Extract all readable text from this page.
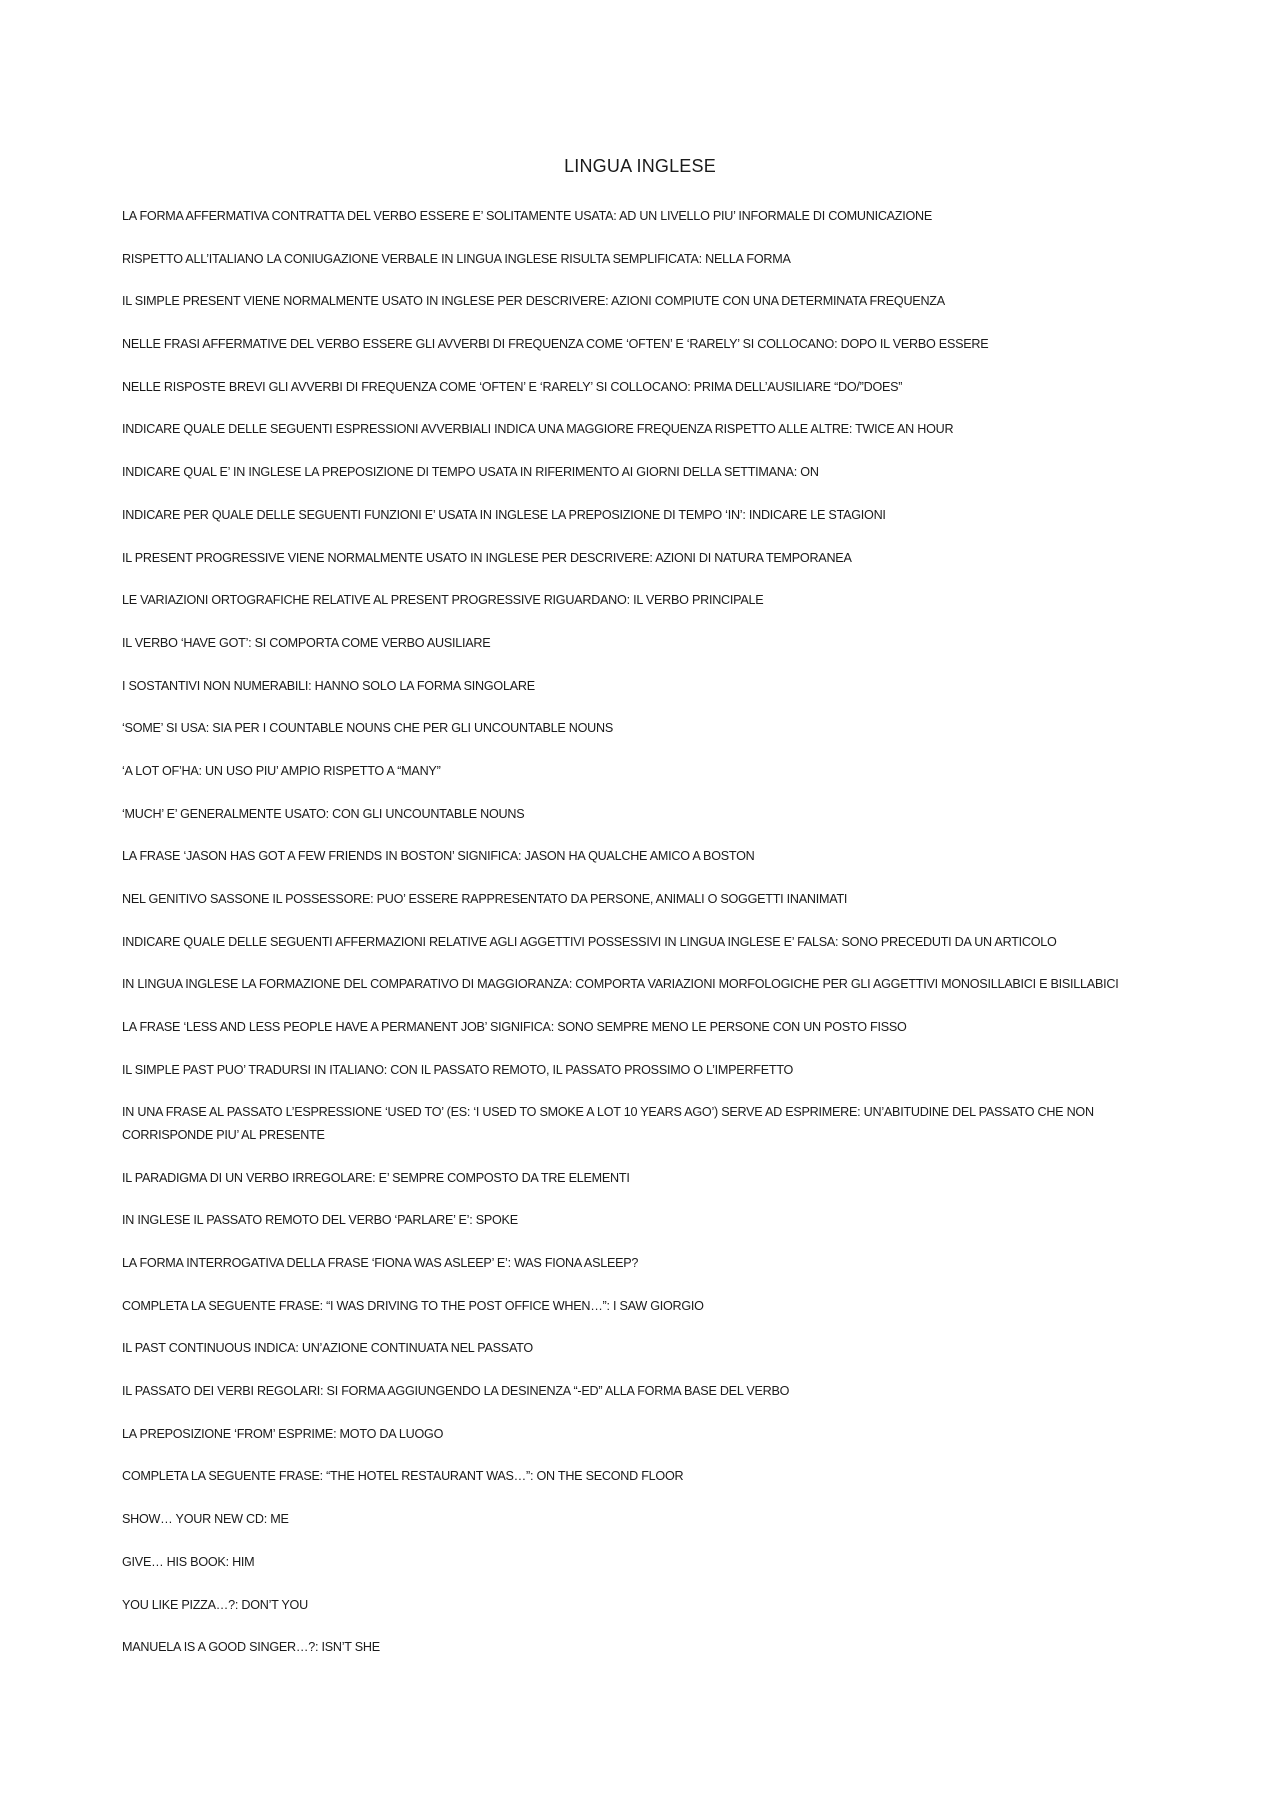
LINGUA INGLESE
LA FORMA AFFERMATIVA CONTRATTA DEL VERBO ESSERE E’ SOLITAMENTE USATA: AD UN LIVELLO PIU’ INFORMALE DI COMUNICAZIONE
RISPETTO ALL’ITALIANO LA CONIUGAZIONE VERBALE IN LINGUA INGLESE RISULTA SEMPLIFICATA: NELLA FORMA
IL SIMPLE PRESENT VIENE NORMALMENTE USATO IN INGLESE PER DESCRIVERE: AZIONI COMPIUTE CON UNA DETERMINATA FREQUENZA
NELLE FRASI AFFERMATIVE DEL VERBO ESSERE GLI AVVERBI DI FREQUENZA COME ‘OFTEN’ E ‘RARELY’ SI COLLOCANO: DOPO IL VERBO ESSERE
NELLE RISPOSTE BREVI GLI AVVERBI DI FREQUENZA COME ‘OFTEN’ E ‘RARELY’ SI COLLOCANO: PRIMA DELL’AUSILIARE “DO/”DOES”
INDICARE QUALE DELLE SEGUENTI ESPRESSIONI AVVERBIALI INDICA UNA MAGGIORE FREQUENZA RISPETTO ALLE ALTRE: TWICE AN HOUR
INDICARE QUAL E’ IN INGLESE LA PREPOSIZIONE DI TEMPO USATA IN RIFERIMENTO AI GIORNI DELLA SETTIMANA: ON
INDICARE PER QUALE DELLE SEGUENTI FUNZIONI E’ USATA IN INGLESE LA PREPOSIZIONE DI TEMPO ‘IN’: INDICARE LE STAGIONI
IL PRESENT PROGRESSIVE VIENE NORMALMENTE USATO IN INGLESE PER DESCRIVERE: AZIONI DI NATURA TEMPORANEA
LE VARIAZIONI ORTOGRAFICHE RELATIVE AL PRESENT PROGRESSIVE RIGUARDANO: IL VERBO PRINCIPALE
IL VERBO ‘HAVE GOT’: SI COMPORTA COME VERBO AUSILIARE
I SOSTANTIVI NON NUMERABILI: HANNO SOLO LA FORMA SINGOLARE
‘SOME’ SI USA: SIA PER I COUNTABLE NOUNS CHE PER GLI UNCOUNTABLE NOUNS
‘A LOT OF’HA: UN USO PIU’ AMPIO RISPETTO A “MANY”
‘MUCH’ E’ GENERALMENTE USATO: CON GLI UNCOUNTABLE NOUNS
LA FRASE ‘JASON HAS GOT A FEW FRIENDS IN BOSTON’ SIGNIFICA: JASON HA QUALCHE AMICO A BOSTON
NEL GENITIVO SASSONE IL POSSESSORE: PUO’ ESSERE RAPPRESENTATO DA PERSONE, ANIMALI O SOGGETTI INANIMATI
INDICARE QUALE DELLE SEGUENTI AFFERMAZIONI RELATIVE AGLI AGGETTIVI POSSESSIVI IN LINGUA INGLESE E’ FALSA: SONO PRECEDUTI DA UN ARTICOLO
IN LINGUA INGLESE LA FORMAZIONE DEL COMPARATIVO DI MAGGIORANZA: COMPORTA VARIAZIONI MORFOLOGICHE PER GLI AGGETTIVI MONOSILLABICI E BISILLABICI
LA FRASE ‘LESS AND LESS PEOPLE HAVE A PERMANENT JOB’ SIGNIFICA: SONO SEMPRE MENO LE PERSONE CON UN POSTO FISSO
IL SIMPLE PAST PUO’ TRADURSI IN ITALIANO: CON IL PASSATO REMOTO, IL PASSATO PROSSIMO O L’IMPERFETTO
IN UNA FRASE AL PASSATO L’ESPRESSIONE ‘USED TO’ (ES: ‘I USED TO SMOKE A LOT 10 YEARS AGO’) SERVE AD ESPRIMERE: UN’ABITUDINE DEL PASSATO CHE NON CORRISPONDE PIU’ AL PRESENTE
IL PARADIGMA DI UN VERBO IRREGOLARE: E’ SEMPRE COMPOSTO DA TRE ELEMENTI
IN INGLESE IL PASSATO REMOTO DEL VERBO ‘PARLARE’ E’: SPOKE
LA FORMA INTERROGATIVA DELLA FRASE ‘FIONA WAS ASLEEP’ E’: WAS FIONA ASLEEP?
COMPLETA LA SEGUENTE FRASE: “I WAS DRIVING TO THE POST OFFICE WHEN…”: I SAW GIORGIO
IL PAST CONTINUOUS INDICA: UN’AZIONE CONTINUATA NEL PASSATO
IL PASSATO DEI VERBI REGOLARI: SI FORMA AGGIUNGENDO LA DESINENZA “-ED” ALLA FORMA BASE DEL VERBO
LA PREPOSIZIONE ‘FROM’ ESPRIME: MOTO DA LUOGO
COMPLETA LA SEGUENTE FRASE: “THE HOTEL RESTAURANT WAS…”: ON THE SECOND FLOOR
SHOW… YOUR NEW CD: ME
GIVE… HIS BOOK: HIM
YOU LIKE PIZZA…?: DON’T YOU
MANUELA IS A GOOD SINGER…?: ISN’T SHE
